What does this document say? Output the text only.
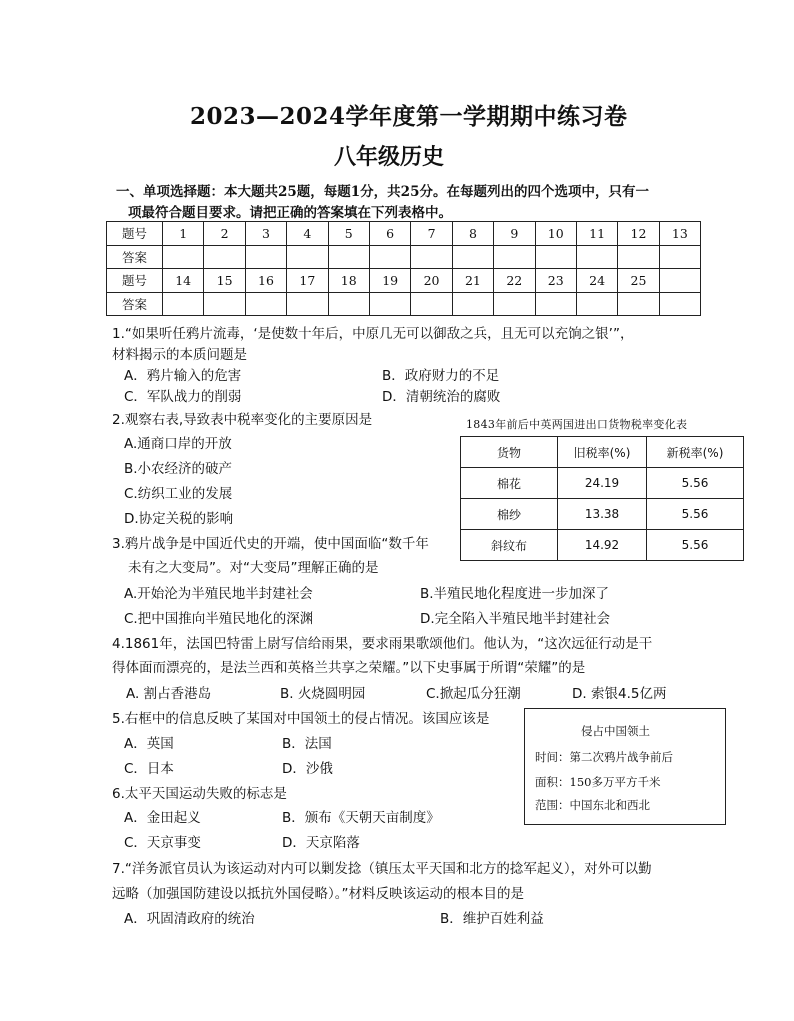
2023—2024学年度第一学期期中练习卷
八年级历史
一、单项选择题：本大题共25题，每题1分，共25分。在每题列出的四个选项中，只有一
项最符合题目要求。请把正确的答案填在下列表格中。
题号	1	2	3	4	5	6	7	8	9	10	11	12	13
答案													
题号	14	15	16	17	18	19	20	21	22	23	24	25	
答案													
1.“如果听任鸦片流毒，‘是使数十年后，中原几无可以御敌之兵，且无可以充饷之银’”，
材料揭示的本质问题是
A．鸦片输入的危害	B．政府财力的不足
C．军队战力的削弱	D．清朝统治的腐败
2.观察右表,导致表中税率变化的主要原因是
A.通商口岸的开放
B.小农经济的破产
C.纺织工业的发展
D.协定关税的影响
1843年前后中英两国进出口货物税率变化表
货物	旧税率(%)	新税率(%)
棉花	24.19	5.56
棉纱	13.38	5.56
斜纹布	14.92	5.56
3.鸦片战争是中国近代史的开端，使中国面临“数千年
未有之大变局”。对“大变局”理解正确的是
A.开始沦为半殖民地半封建社会	B.半殖民地化程度进一步加深了
C.把中国推向半殖民地化的深渊	D.完全陷入半殖民地半封建社会
4.1861年，法国巴特雷上尉写信给雨果，要求雨果歌颂他们。他认为，“这次远征行动是干
得体面而漂亮的，是法兰西和英格兰共享之荣耀。”以下史事属于所谓“荣耀”的是
A. 割占香港岛	B. 火烧圆明园	C.掀起瓜分狂潮	D. 索银4.5亿两
5.右框中的信息反映了某国对中国领土的侵占情况。该国应该是
A．英国	B．法国
C．日本	D．沙俄
侵占中国领土
时间：第二次鸦片战争前后
面积：150多万平方千米
范围：中国东北和西北
6.太平天国运动失败的标志是
A．金田起义	B．颁布《天朝天亩制度》
C．天京事变	D．天京陷落
7.“洋务派官员认为该运动对内可以剿发捻（镇压太平天国和北方的捻军起义），对外可以勤
远略（加强国防建设以抵抗外国侵略）。”材料反映该运动的根本目的是
A．巩固清政府的统治	B．维护百姓利益
